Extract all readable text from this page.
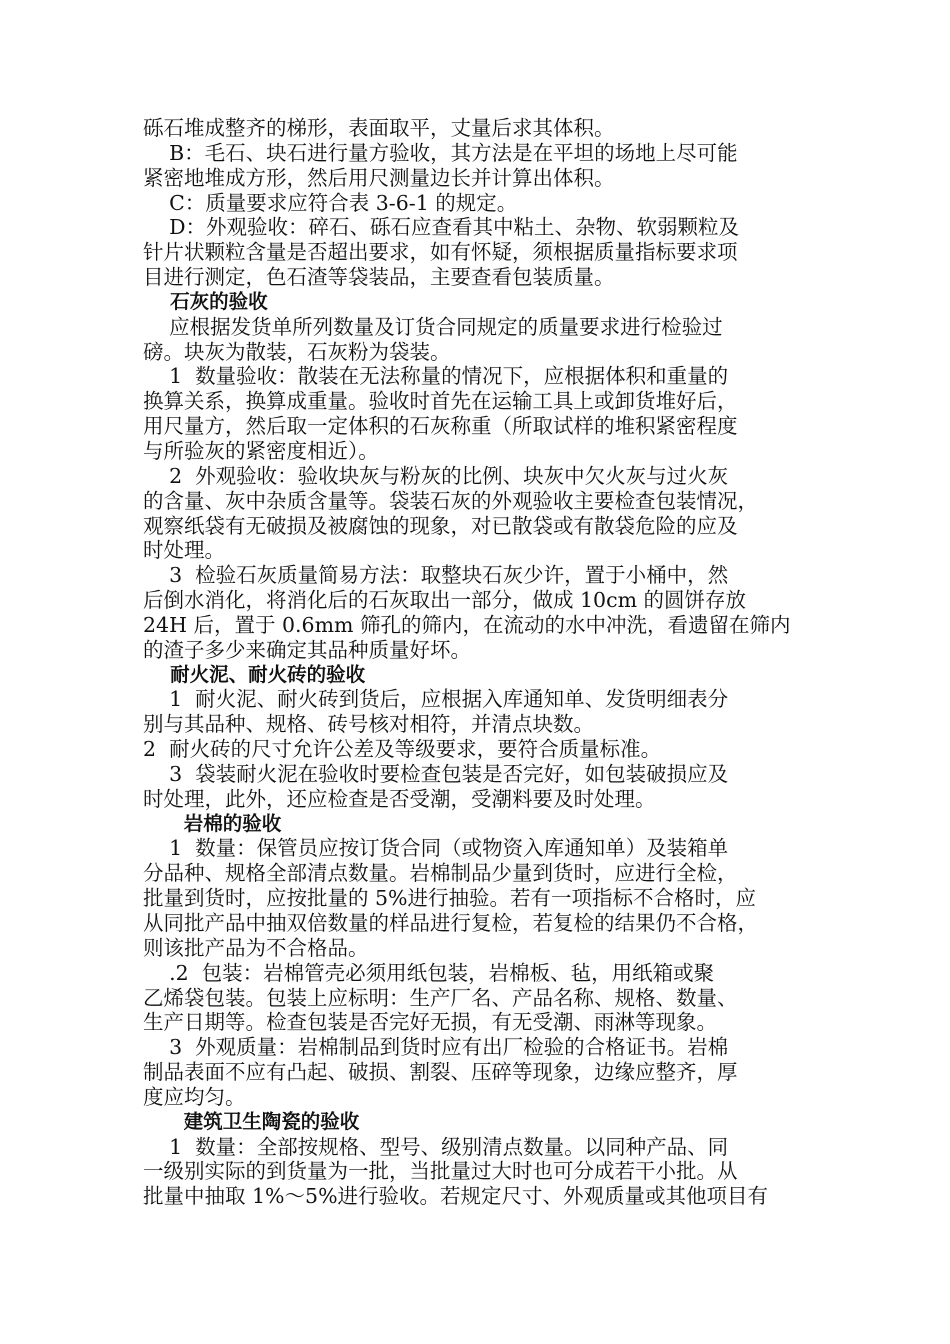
砾石堆成整齐的梯形，表面取平，丈量后求其体积。
B：毛石、块石进行量方验收，其方法是在平坦的场地上尽可能
紧密地堆成方形，然后用尺测量边长并计算出体积。
C：质量要求应符合表 3-6-1 的规定。
D：外观验收：碎石、砾石应查看其中粘土、杂物、软弱颗粒及
针片状颗粒含量是否超出要求，如有怀疑，须根据质量指标要求项
目进行测定，色石渣等袋装品，主要查看包装质量。
石灰的验收
应根据发货单所列数量及订货合同规定的质量要求进行检验过
磅。块灰为散装，石灰粉为袋装。
1  数量验收：散装在无法称量的情况下，应根据体积和重量的
换算关系，换算成重量。验收时首先在运输工具上或卸货堆好后，
用尺量方，然后取一定体积的石灰称重（所取试样的堆积紧密程度
与所验灰的紧密度相近）。
2  外观验收：验收块灰与粉灰的比例、块灰中欠火灰与过火灰
的含量、灰中杂质含量等。袋装石灰的外观验收主要检查包装情况，
观察纸袋有无破损及被腐蚀的现象，对已散袋或有散袋危险的应及
时处理。
3  检验石灰质量简易方法：取整块石灰少许，置于小桶中，然
后倒水消化，将消化后的石灰取出一部分，做成 10cm 的圆饼存放
24H 后，置于 0.6mm 筛孔的筛内，在流动的水中冲洗，看遗留在筛内
的渣子多少来确定其品种质量好坏。
耐火泥、耐火砖的验收
1  耐火泥、耐火砖到货后，应根据入库通知单、发货明细表分
别与其品种、规格、砖号核对相符，并清点块数。
2  耐火砖的尺寸允许公差及等级要求，要符合质量标准。
3  袋装耐火泥在验收时要检查包装是否完好，如包装破损应及
时处理，此外，还应检查是否受潮，受潮料要及时处理。
岩棉的验收
1  数量：保管员应按订货合同（或物资入库通知单）及装箱单
分品种、规格全部清点数量。岩棉制品少量到货时，应进行全检，
批量到货时，应按批量的 5%进行抽验。若有一项指标不合格时，应
从同批产品中抽双倍数量的样品进行复检，若复检的结果仍不合格，
则该批产品为不合格品。
.2  包装：岩棉管壳必须用纸包装，岩棉板、毡，用纸箱或聚
乙烯袋包装。包装上应标明：生产厂名、产品名称、规格、数量、
生产日期等。检查包装是否完好无损，有无受潮、雨淋等现象。
3  外观质量：岩棉制品到货时应有出厂检验的合格证书。岩棉
制品表面不应有凸起、破损、割裂、压碎等现象，边缘应整齐，厚
度应均匀。
建筑卫生陶瓷的验收
1  数量：全部按规格、型号、级别清点数量。以同种产品、同
一级别实际的到货量为一批，当批量过大时也可分成若干小批。从
批量中抽取 1%～5%进行验收。若规定尺寸、外观质量或其他项目有
